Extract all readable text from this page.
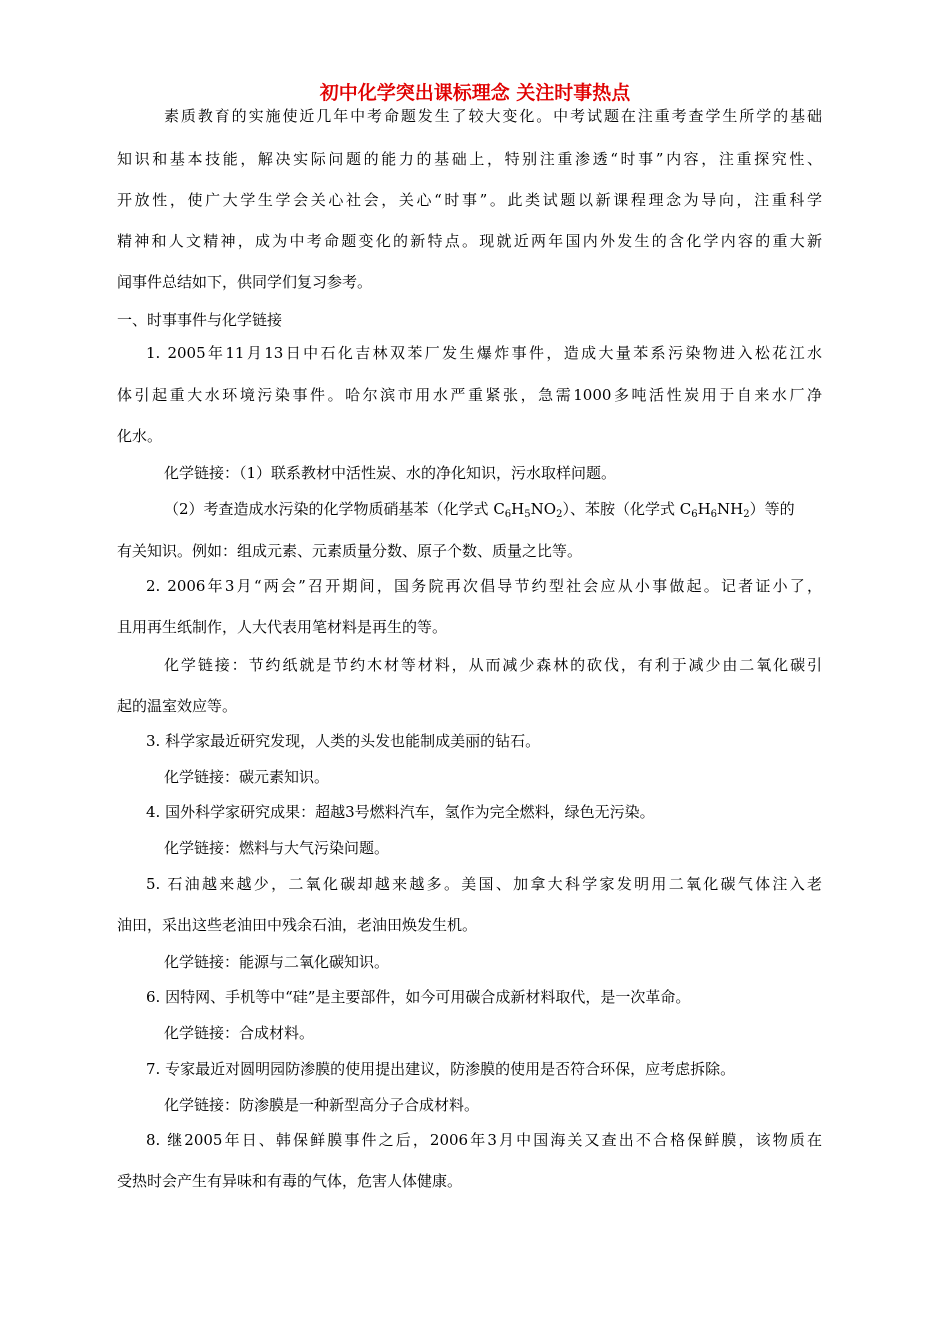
初中化学突出课标理念 关注时事热点
素质教育的实施使近几年中考命题发生了较大变化。中考试题在注重考查学生所学的基础
知识和基本技能，解决实际问题的能力的基础上，特别注重渗透“时事”内容，注重探究性、
开放性，使广大学生学会关心社会，关心“时事”。此类试题以新课程理念为导向，注重科学
精神和人文精神，成为中考命题变化的新特点。现就近两年国内外发生的含化学内容的重大新
闻事件总结如下，供同学们复习参考。
一、时事事件与化学链接
1. 2005年11月13日中石化吉林双苯厂发生爆炸事件，造成大量苯系污染物进入松花江水
体引起重大水环境污染事件。哈尔滨市用水严重紧张，急需1000多吨活性炭用于自来水厂净
化水。
化学链接：（1）联系教材中活性炭、水的净化知识，污水取样问题。
（2）考查造成水污染的化学物质硝基苯（化学式 $C_6H_5NO_2$）、苯胺（化学式 $C_6H_6NH_2$）等的
有关知识。例如：组成元素、元素质量分数、原子个数、质量之比等。
2. 2006年3月“两会”召开期间，国务院再次倡导节约型社会应从小事做起。记者证小了，
且用再生纸制作，人大代表用笔材料是再生的等。
化学链接：节约纸就是节约木材等材料，从而减少森林的砍伐，有利于减少由二氧化碳引
起的温室效应等。
3. 科学家最近研究发现，人类的头发也能制成美丽的钻石。
化学链接：碳元素知识。
4. 国外科学家研究成果：超越3号燃料汽车，氢作为完全燃料，绿色无污染。
化学链接：燃料与大气污染问题。
5. 石油越来越少，二氧化碳却越来越多。美国、加拿大科学家发明用二氧化碳气体注入老
油田，采出这些老油田中残余石油，老油田焕发生机。
化学链接：能源与二氧化碳知识。
6. 因特网、手机等中“硅”是主要部件，如今可用碳合成新材料取代，是一次革命。
化学链接：合成材料。
7. 专家最近对圆明园防渗膜的使用提出建议，防渗膜的使用是否符合环保，应考虑拆除。
化学链接：防渗膜是一种新型高分子合成材料。
8. 继2005年日、韩保鲜膜事件之后，2006年3月中国海关又查出不合格保鲜膜，该物质在
受热时会产生有异味和有毒的气体，危害人体健康。
